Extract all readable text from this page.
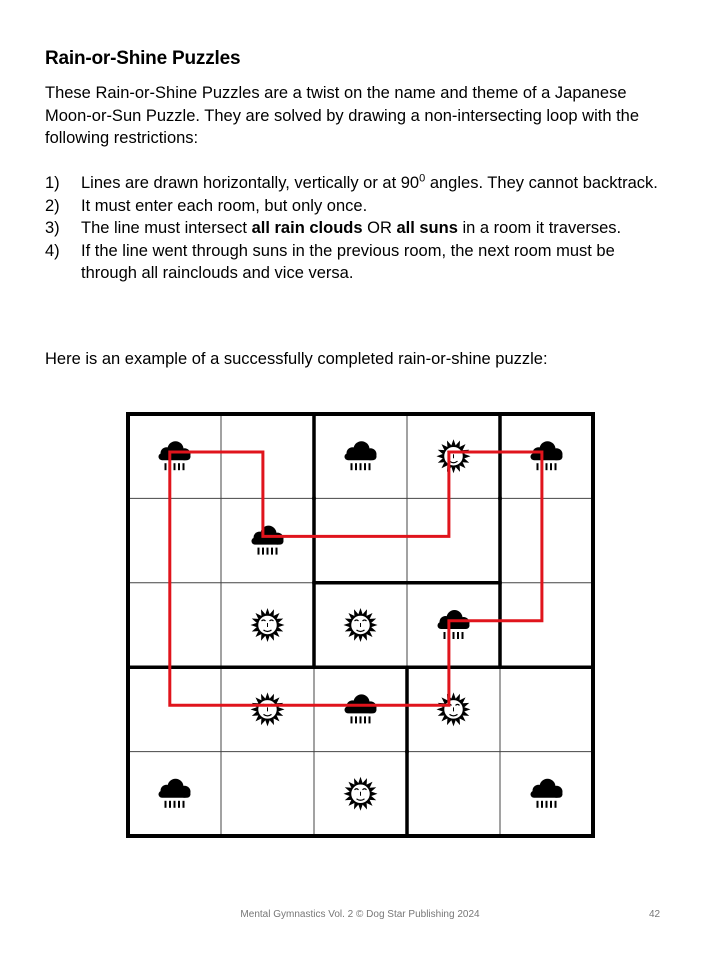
Rain-or-Shine Puzzles

These Rain-or-Shine Puzzles are a twist on the name and theme of a Japanese Moon-or-Sun Puzzle. They are solved by drawing a non-intersecting loop with the following restrictions:

1) Lines are drawn horizontally, vertically or at $90^0$ angles. They cannot backtrack.
2) It must enter each room, but only once.
3) The line must intersect all rain clouds OR all suns in a room it traverses.
4) If the line went through suns in the previous room, the next room must be through all rainclouds and vice versa.
Here is an example of a successfully completed rain-or-shine puzzle:
Mental Gymnastics Vol. 2 © Dog Star Publishing 2024	42
